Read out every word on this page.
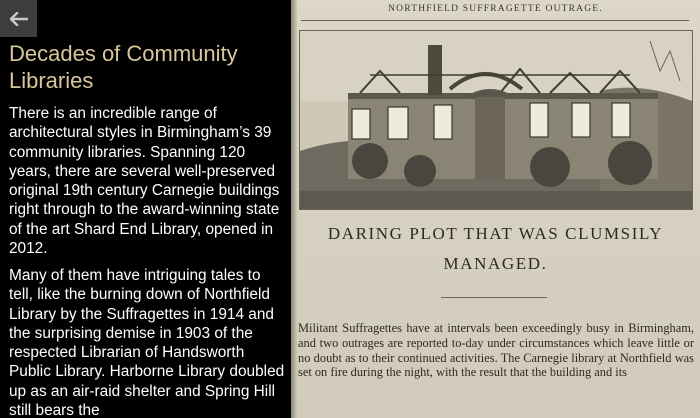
Decades of Community Libraries

There is an incredible range of architectural styles in Birmingham’s 39 community libraries. Spanning 120 years, there are several well-preserved original 19th century Carnegie buildings right through to the award-winning state of the art Shard End Library, opened in 2012.

Many of them have intriguing tales to tell, like the burning down of Northfield Library by the Suffragettes in 1914 and the surprising demise in 1903 of the respected Librarian of Handsworth Public Library. Harborne Library doubled up as an air-raid shelter and Spring Hill still bears the

NORTHFIELD SUFFRAGETTE OUTRAGE.
DARING PLOT THAT WAS CLUMSILY
MANAGED.
Militant Suffragettes have at intervals been exceedingly busy in Birmingham, and two outrages are reported to-day under circumstances which leave little or no doubt as to their continued activities. The Carnegie library at Northfield was set on fire during the night, with the result that the building and its
